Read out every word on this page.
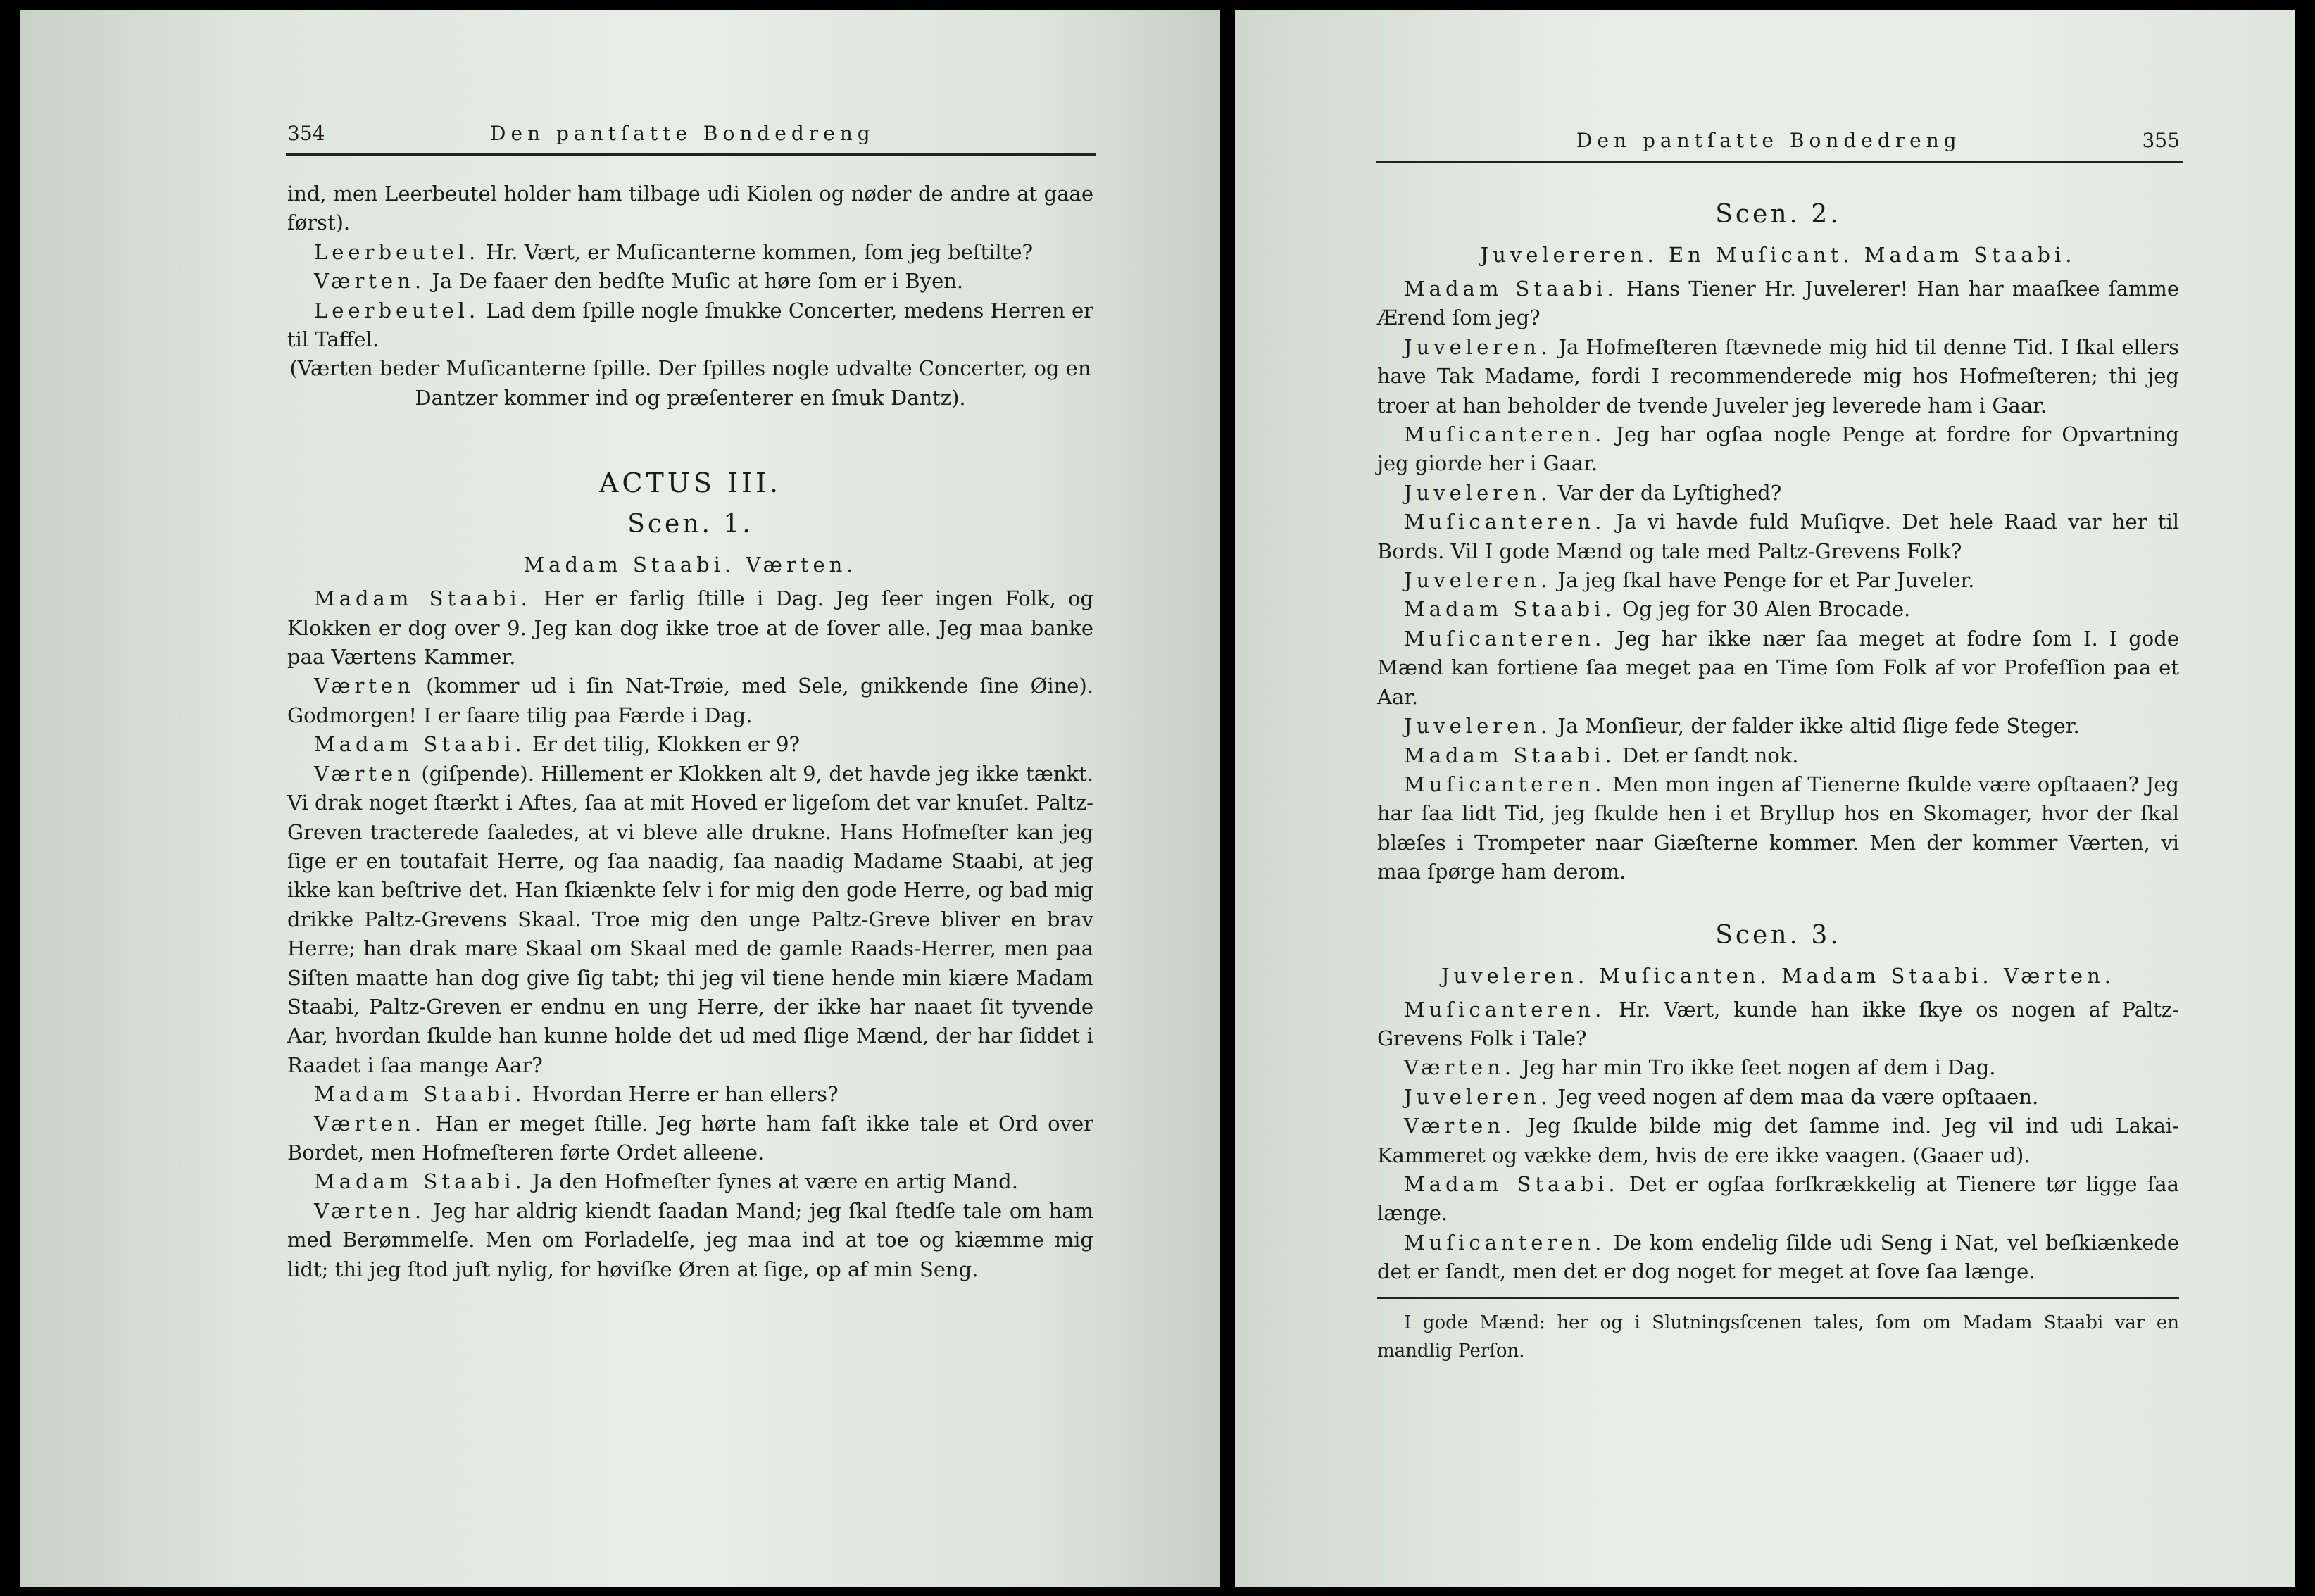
354	Den pantſatte Bondedreng

ind, men Leerbeutel holder ham tilbage udi Kiolen og nøder de andre at gaae først).

Leerbeutel. Hr. Vært, er Muſicanterne kommen, ſom jeg beſtilte?

Værten. Ja De faaer den bedſte Muſic at høre ſom er i Byen.

Leerbeutel. Lad dem ſpille nogle ſmukke Concerter, medens Herren er til Taffel.

(Værten beder Muſicanterne ſpille. Der ſpilles nogle udvalte Concerter, og en Dantzer kommer ind og præſenterer en ſmuk Dantz).

ACTUS III.
Scen. 1.
Madam Staabi. Værten.

Madam Staabi. Her er farlig ſtille i Dag. Jeg ſeer ingen Folk, og Klokken er dog over 9. Jeg kan dog ikke troe at de ſover alle. Jeg maa banke paa Værtens Kammer.

Værten (kommer ud i ſin Nat-Trøie, med Sele, gnikkende ſine Øine). Godmorgen! I er ſaare tilig paa Færde i Dag.

Madam Staabi. Er det tilig, Klokken er 9?

Værten (giſpende). Hillement er Klokken alt 9, det havde jeg ikke tænkt. Vi drak noget ſtærkt i Aftes, ſaa at mit Hoved er ligeſom det var knuſet. Paltz-Greven tracterede ſaaledes, at vi bleve alle drukne. Hans Hofmeſter kan jeg ſige er en toutafait Herre, og ſaa naadig, ſaa naadig Madame Staabi, at jeg ikke kan beſtrive det. Han ſkiænkte ſelv i for mig den gode Herre, og bad mig drikke Paltz-Grevens Skaal. Troe mig den unge Paltz-Greve bliver en brav Herre; han drak mare Skaal om Skaal med de gamle Raads-Herrer, men paa Siſten maatte han dog give ſig tabt; thi jeg vil tiene hende min kiære Madam Staabi, Paltz-Greven er endnu en ung Herre, der ikke har naaet ſit tyvende Aar, hvordan ſkulde han kunne holde det ud med ſlige Mænd, der har ſiddet i Raadet i ſaa mange Aar?

Madam Staabi. Hvordan Herre er han ellers?

Værten. Han er meget ſtille. Jeg hørte ham faſt ikke tale et Ord over Bordet, men Hofmeſteren førte Ordet alleene.

Madam Staabi. Ja den Hofmeſter ſynes at være en artig Mand.

Værten. Jeg har aldrig kiendt ſaadan Mand; jeg ſkal ſtedſe tale om ham med Berømmelſe. Men om Forladelſe, jeg maa ind at toe og kiæmme mig lidt; thi jeg ſtod juſt nylig, for høviſke Øren at ſige, op af min Seng.

Den pantſatte Bondedreng	355
Scen. 2.
Juvelereren. En Muſicant. Madam Staabi.

Madam Staabi. Hans Tiener Hr. Juvelerer! Han har maaſkee ſamme Ærend ſom jeg?

Juveleren. Ja Hofmeſteren ſtævnede mig hid til denne Tid. I ſkal ellers have Tak Madame, fordi I recommenderede mig hos Hofmeſteren; thi jeg troer at han beholder de tvende Juveler jeg leverede ham i Gaar.

Muſicanteren. Jeg har ogſaa nogle Penge at fordre for Opvartning jeg giorde her i Gaar.

Juveleren. Var der da Lyſtighed?

Muſicanteren. Ja vi havde fuld Muſiqve. Det hele Raad var her til Bords. Vil I gode Mænd og tale med Paltz-Grevens Folk?

Juveleren. Ja jeg ſkal have Penge for et Par Juveler.

Madam Staabi. Og jeg for 30 Alen Brocade.

Muſicanteren. Jeg har ikke nær ſaa meget at fodre ſom I. I gode Mænd kan fortiene ſaa meget paa en Time ſom Folk af vor Profeſſion paa et Aar.

Juveleren. Ja Monſieur, der falder ikke altid ſlige fede Steger.

Madam Staabi. Det er ſandt nok.

Muſicanteren. Men mon ingen af Tienerne ſkulde være opſtaaen? Jeg har ſaa lidt Tid, jeg ſkulde hen i et Bryllup hos en Skomager, hvor der ſkal blæſes i Trompeter naar Giæſterne kommer. Men der kommer Værten, vi maa ſpørge ham derom.

Scen. 3.
Juveleren. Muſicanten. Madam Staabi. Værten.

Muſicanteren. Hr. Vært, kunde han ikke ſkye os nogen af Paltz-Grevens Folk i Tale?

Værten. Jeg har min Tro ikke ſeet nogen af dem i Dag.

Juveleren. Jeg veed nogen af dem maa da være opſtaaen.

Værten. Jeg ſkulde bilde mig det ſamme ind. Jeg vil ind udi Lakai-Kammeret og vække dem, hvis de ere ikke vaagen. (Gaaer ud).

Madam Staabi. Det er ogſaa forſkrækkelig at Tienere tør ligge ſaa længe.

Muſicanteren. De kom endelig ſilde udi Seng i Nat, vel beſkiænkede det er ſandt, men det er dog noget for meget at ſove ſaa længe.

I gode Mænd: her og i Slutningsſcenen tales, ſom om Madam Staabi var en mandlig Perſon.
